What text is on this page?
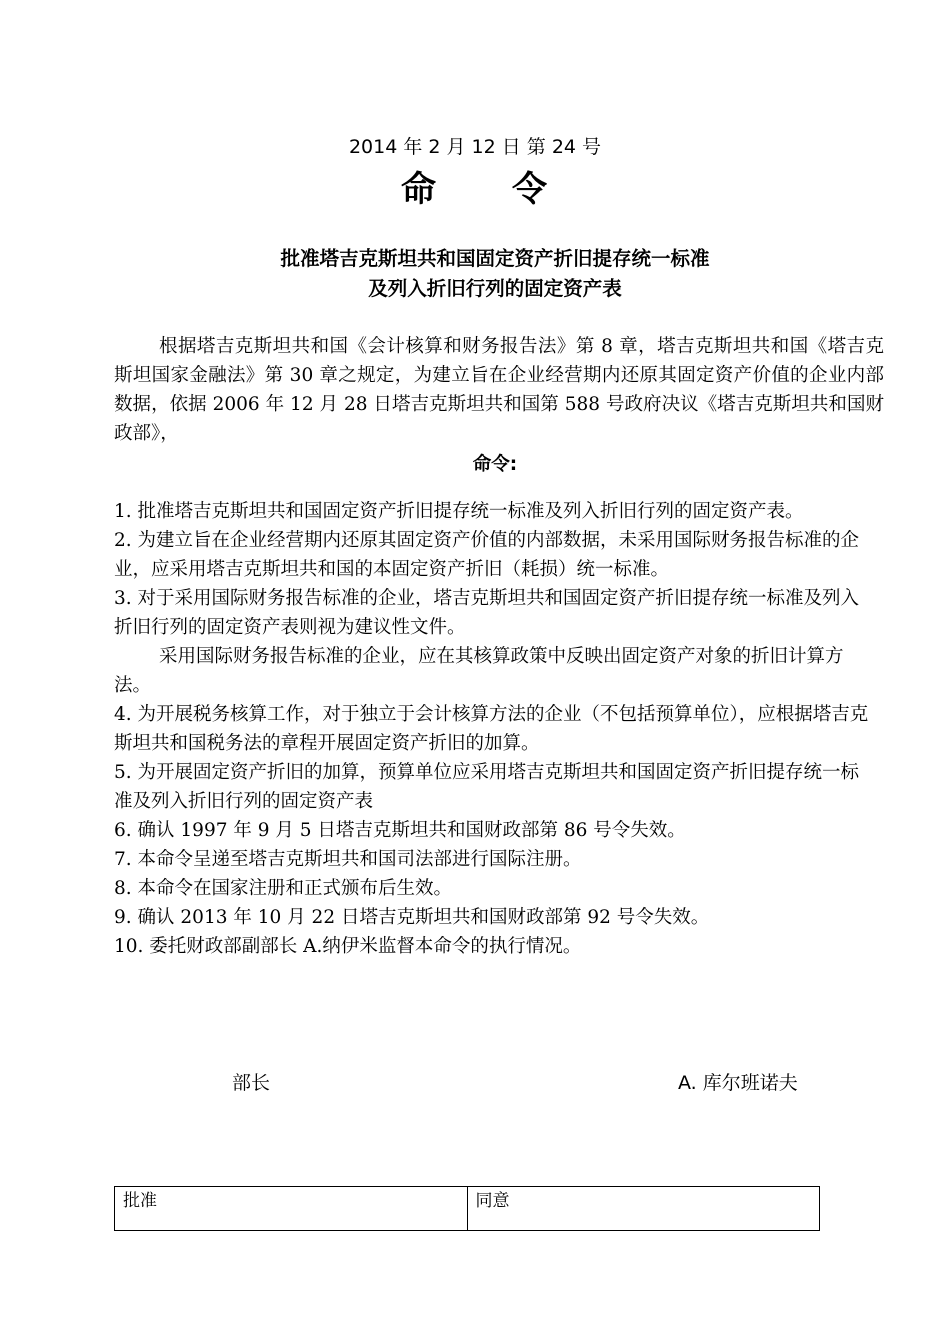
2014 年 2 月 12 日 第 24 号
命　　令
批准塔吉克斯坦共和国固定资产折旧提存统一标准
及列入折旧行列的固定资产表

根据塔吉克斯坦共和国《会计核算和财务报告法》第 8 章，塔吉克斯坦共和国《塔吉克斯坦国家金融法》第 30 章之规定，为建立旨在企业经营期内还原其固定资产价值的企业内部数据，依据 2006 年 12 月 28 日塔吉克斯坦共和国第 588 号政府决议《塔吉克斯坦共和国财政部》，

命令:

1. 批准塔吉克斯坦共和国固定资产折旧提存统一标准及列入折旧行列的固定资产表。

2. 为建立旨在企业经营期内还原其固定资产价值的内部数据，未采用国际财务报告标准的企业，应采用塔吉克斯坦共和国的本固定资产折旧（耗损）统一标准。

3. 对于采用国际财务报告标准的企业，塔吉克斯坦共和国固定资产折旧提存统一标准及列入折旧行列的固定资产表则视为建议性文件。

采用国际财务报告标准的企业，应在其核算政策中反映出固定资产对象的折旧计算方法。

4. 为开展税务核算工作，对于独立于会计核算方法的企业（不包括预算单位），应根据塔吉克斯坦共和国税务法的章程开展固定资产折旧的加算。

5. 为开展固定资产折旧的加算，预算单位应采用塔吉克斯坦共和国固定资产折旧提存统一标准及列入折旧行列的固定资产表

6. 确认 1997 年 9 月 5 日塔吉克斯坦共和国财政部第 86 号令失效。

7. 本命令呈递至塔吉克斯坦共和国司法部进行国际注册。

8. 本命令在国家注册和正式颁布后生效。

9. 确认 2013 年 10 月 22 日塔吉克斯坦共和国财政部第 92 号令失效。

10. 委托财政部副部长 A.纳伊米监督本命令的执行情况。

部长	A. 库尔班诺夫
批准	同意
